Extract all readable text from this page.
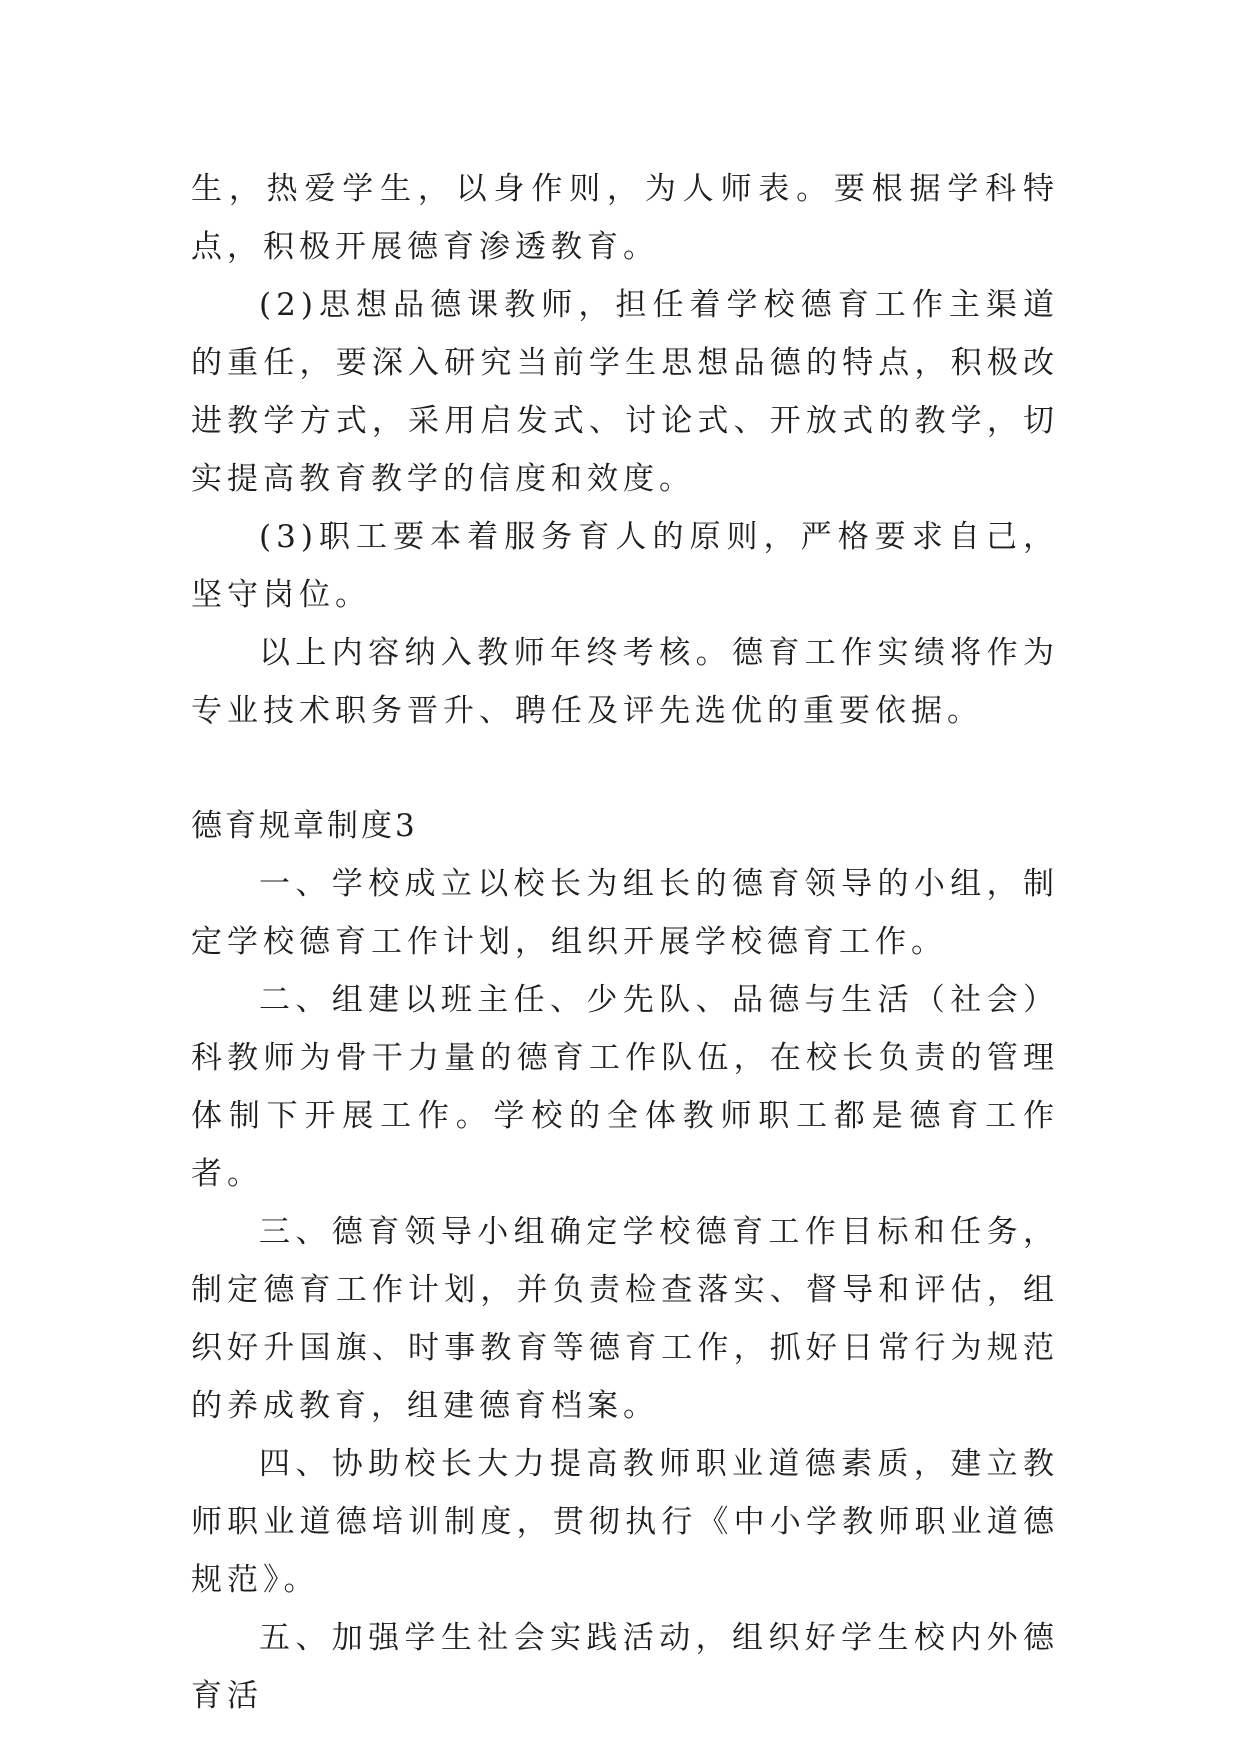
生，热爱学生，以身作则，为人师表。要根据学科特点，积极开展德育渗透教育。

(2)思想品德课教师，担任着学校德育工作主渠道的重任，要深入研究当前学生思想品德的特点，积极改进教学方式，采用启发式、讨论式、开放式的教学，切实提高教育教学的信度和效度。

(3)职工要本着服务育人的原则，严格要求自己，坚守岗位。

以上内容纳入教师年终考核。德育工作实绩将作为专业技术职务晋升、聘任及评先选优的重要依据。

德育规章制度3

一、学校成立以校长为组长的德育领导的小组，制定学校德育工作计划，组织开展学校德育工作。

二、组建以班主任、少先队、品德与生活（社会）科教师为骨干力量的德育工作队伍，在校长负责的管理体制下开展工作。学校的全体教师职工都是德育工作者。

三、德育领导小组确定学校德育工作目标和任务，制定德育工作计划，并负责检查落实、督导和评估，组织好升国旗、时事教育等德育工作，抓好日常行为规范的养成教育，组建德育档案。

四、协助校长大力提高教师职业道德素质，建立教师职业道德培训制度，贯彻执行《中小学教师职业道德规范》。

五、加强学生社会实践活动，组织好学生校内外德育活
